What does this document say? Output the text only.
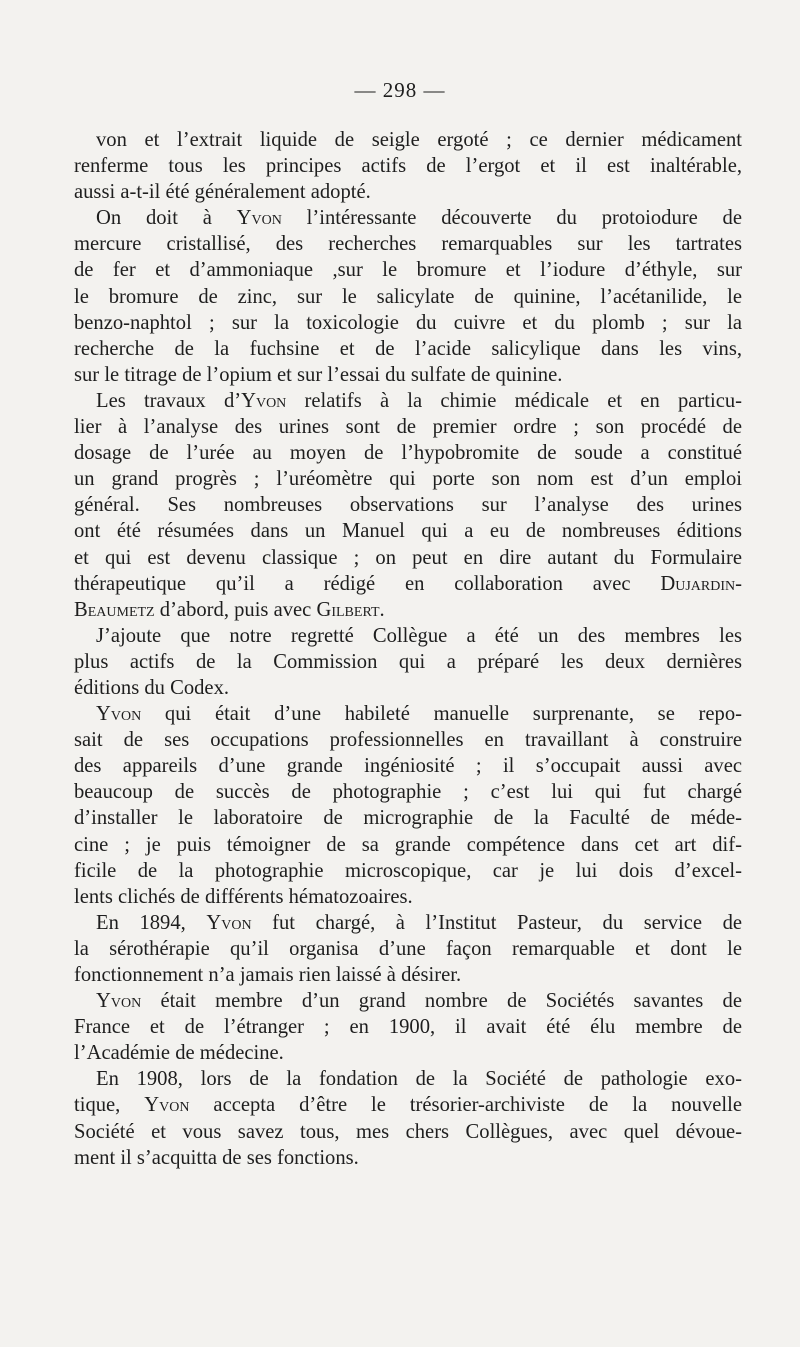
— 298 —
von et l’extrait liquide de seigle ergoté ; ce dernier médicament
renferme tous les principes actifs de l’ergot et il est inaltérable,
aussi a-t-il été généralement adopté.
On doit à Yvon l’intéressante découverte du protoiodure de
mercure cristallisé, des recherches remarquables sur les tartrates
de fer et d’ammoniaque ,sur le bromure et l’iodure d’éthyle, sur
le bromure de zinc, sur le salicylate de quinine, l’acétanilide, le
benzo-naphtol ; sur la toxicologie du cuivre et du plomb ; sur la
recherche de la fuchsine et de l’acide salicylique dans les vins,
sur le titrage de l’opium et sur l’essai du sulfate de quinine.
Les travaux d’Yvon relatifs à la chimie médicale et en particu-
lier à l’analyse des urines sont de premier ordre ; son procédé de
dosage de l’urée au moyen de l’hypobromite de soude a constitué
un grand progrès ; l’uréomètre qui porte son nom est d’un emploi
général. Ses nombreuses observations sur l’analyse des urines
ont été résumées dans un Manuel qui a eu de nombreuses éditions
et qui est devenu classique ; on peut en dire autant du Formulaire
thérapeutique qu’il a rédigé en collaboration avec Dujardin-
Beaumetz d’abord, puis avec Gilbert.
J’ajoute que notre regretté Collègue a été un des membres les
plus actifs de la Commission qui a préparé les deux dernières
éditions du Codex.
Yvon qui était d’une habileté manuelle surprenante, se repo-
sait de ses occupations professionnelles en travaillant à construire
des appareils d’une grande ingéniosité ; il s’occupait aussi avec
beaucoup de succès de photographie ; c’est lui qui fut chargé
d’installer le laboratoire de micrographie de la Faculté de méde-
cine ; je puis témoigner de sa grande compétence dans cet art dif-
ficile de la photographie microscopique, car je lui dois d’excel-
lents clichés de différents hématozoaires.
En 1894, Yvon fut chargé, à l’Institut Pasteur, du service de
la sérothérapie qu’il organisa d’une façon remarquable et dont le
fonctionnement n’a jamais rien laissé à désirer.
Yvon était membre d’un grand nombre de Sociétés savantes de
France et de l’étranger ; en 1900, il avait été élu membre de
l’Académie de médecine.
En 1908, lors de la fondation de la Société de pathologie exo-
tique, Yvon accepta d’être le trésorier-archiviste de la nouvelle
Société et vous savez tous, mes chers Collègues, avec quel dévoue-
ment il s’acquitta de ses fonctions.
